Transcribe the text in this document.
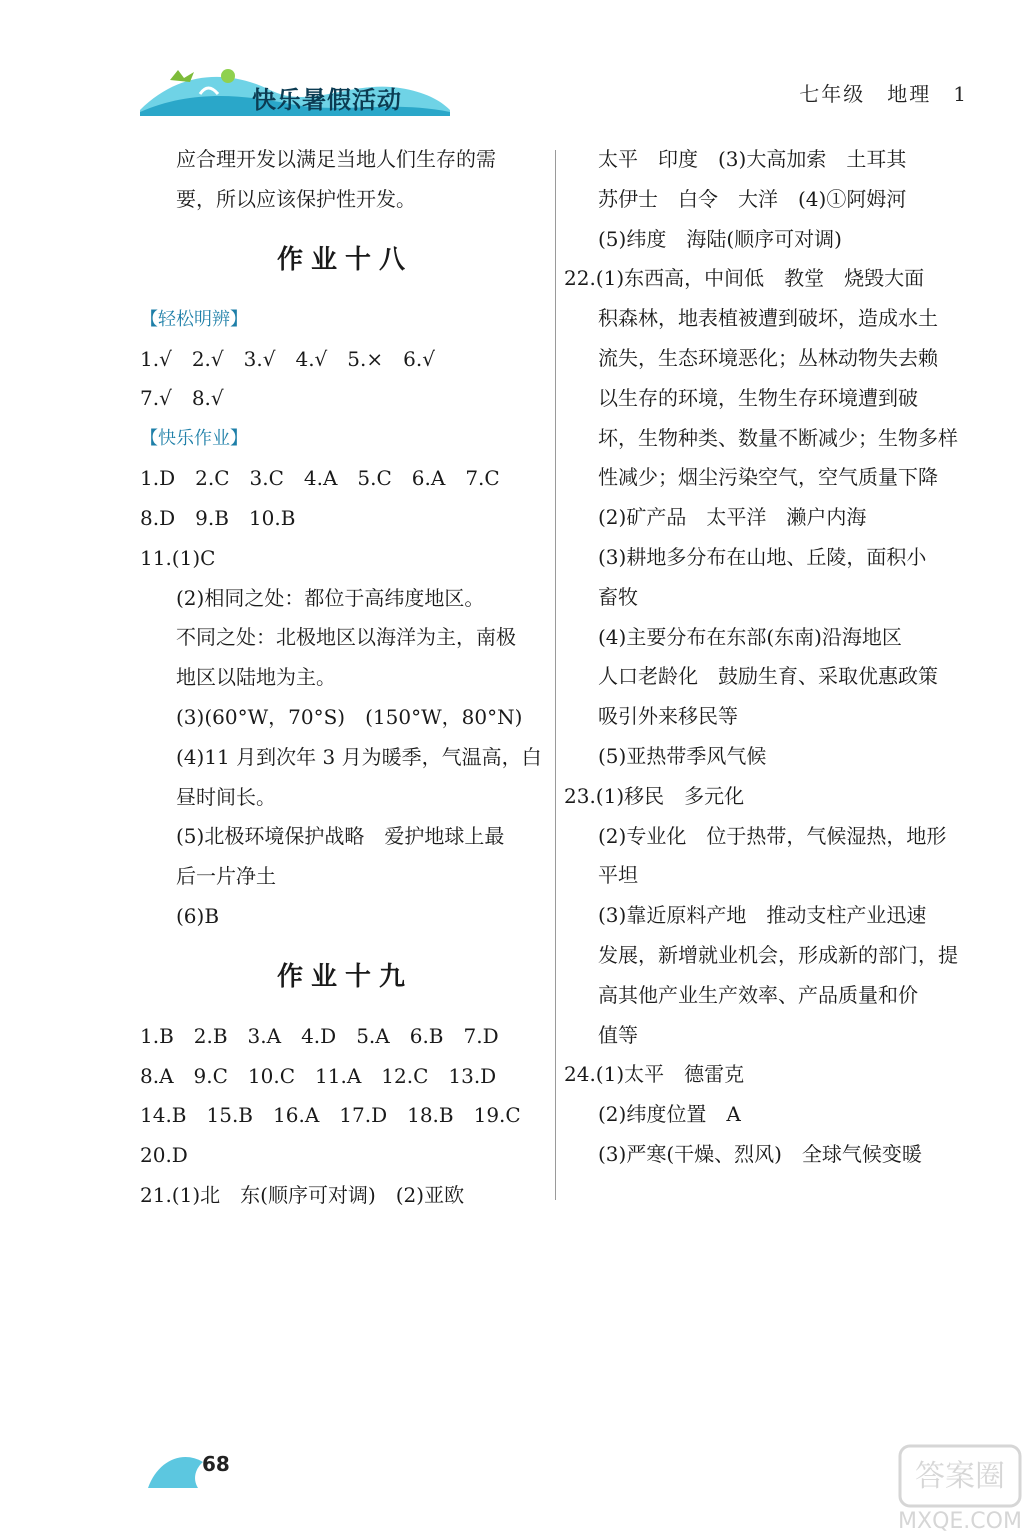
快乐暑假活动	七年级　地理　1
应合理开发以满足当地人们生存的需
要，所以应该保护性开发。
作业十八
【 轻松明辨 】
1.√　2.√　3.√　4.√　5.×　6.√
7.√　8.√
【 快乐作业 】
1.D　2.C　3.C　4.A　5.C　6.A　7.C
8.D　9.B　10.B
11.(1)C
(2)相同之处：都位于高纬度地区。
不同之处：北极地区以海洋为主，南极
地区以陆地为主。
(3)(60°W，70°S)　(150°W，80°N)
(4)11 月到次年 3 月为暖季，气温高，白
昼时间长。
(5)北极环境保护战略　爱护地球上最
后一片净土
(6)B
作业十九
1.B　2.B　3.A　4.D　5.A　6.B　7.D
8.A　9.C　10.C　11.A　12.C　13.D
14.B　15.B　16.A　17.D　18.B　19.C
20.D
21.(1)北　东(顺序可对调)　(2)亚欧
太平　印度　(3)大高加索　土耳其
苏伊士　白令　大洋　(4)①阿姆河
(5)纬度　海陆(顺序可对调)
22.(1)东西高，中间低　教堂　烧毁大面
积森林，地表植被遭到破坏，造成水土
流失，生态环境恶化；丛林动物失去赖
以生存的环境，生物生存环境遭到破
坏，生物种类、数量不断减少；生物多样
性减少；烟尘污染空气，空气质量下降
(2)矿产品　太平洋　濑户内海
(3)耕地多分布在山地、丘陵，面积小
畜牧
(4)主要分布在东部(东南)沿海地区
人口老龄化　鼓励生育、采取优惠政策
吸引外来移民等
(5)亚热带季风气候
23.(1)移民　多元化
(2)专业化　位于热带，气候湿热，地形
平坦
(3)靠近原料产地　推动支柱产业迅速
发展，新增就业机会，形成新的部门，提
高其他产业生产效率、产品质量和价
值等
24.(1)太平　德雷克
(2)纬度位置　A
(3)严寒(干燥、烈风)　全球气候变暖
68	答案圈
MXQE.COM
